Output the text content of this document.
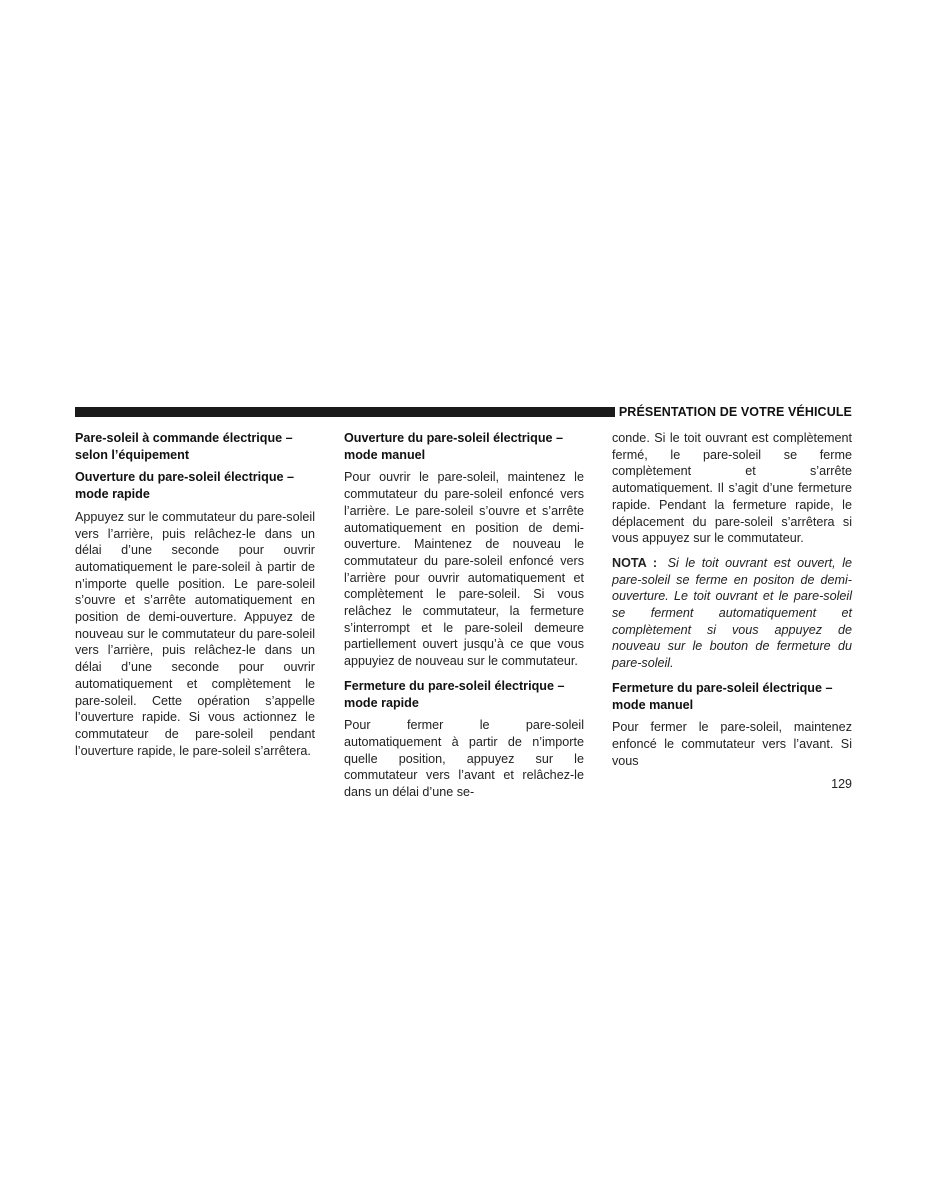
PRÉSENTATION DE VOTRE VÉHICULE
Pare-soleil à commande électrique – selon l’équipement
Ouverture du pare-soleil électrique – mode rapide

Appuyez sur le commutateur du pare-soleil vers l’arrière, puis relâchez-le dans un délai d’une seconde pour ouvrir automatiquement le pare-soleil à partir de n’importe quelle position. Le pare-soleil s’ouvre et s’arrête automatiquement en position de demi-ouverture. Appuyez de nouveau sur le commutateur du pare-soleil vers l’arrière, puis relâchez-le dans un délai d’une seconde pour ouvrir automatiquement et complètement le pare-soleil. Cette opération s’appelle l’ouverture rapide. Si vous actionnez le commutateur de pare-soleil pendant l’ouverture rapide, le pare-soleil s’arrêtera.

Ouverture du pare-soleil électrique – mode manuel

Pour ouvrir le pare-soleil, maintenez le commutateur du pare-soleil enfoncé vers l’arrière. Le pare-soleil s’ouvre et s’arrête automatiquement en position de demi-ouverture. Maintenez de nouveau le commutateur du pare-soleil enfoncé vers l’arrière pour ouvrir automatiquement et complètement le pare-soleil. Si vous relâchez le commutateur, la fermeture s’interrompt et le pare-soleil demeure partiellement ouvert jusqu’à ce que vous appuyiez de nouveau sur le commutateur.

Fermeture du pare-soleil électrique – mode rapide

Pour fermer le pare-soleil automatiquement à partir de n’importe quelle position, appuyez sur le commutateur vers l’avant et relâchez-le dans un délai d’une se-

conde. Si le toit ouvrant est complètement fermé, le pare-soleil se ferme complètement et s’arrête automatiquement. Il s’agit d’une fermeture rapide. Pendant la fermeture rapide, le déplacement du pare-soleil s’arrêtera si vous appuyez sur le commutateur.

NOTA : Si le toit ouvrant est ouvert, le pare-soleil se ferme en positon de demi-ouverture. Le toit ouvrant et le pare-soleil se ferment automatiquement et complètement si vous appuyez de nouveau sur le bouton de fermeture du pare-soleil.

Fermeture du pare-soleil électrique – mode manuel

Pour fermer le pare-soleil, maintenez enfoncé le commutateur vers l’avant. Si vous

129
